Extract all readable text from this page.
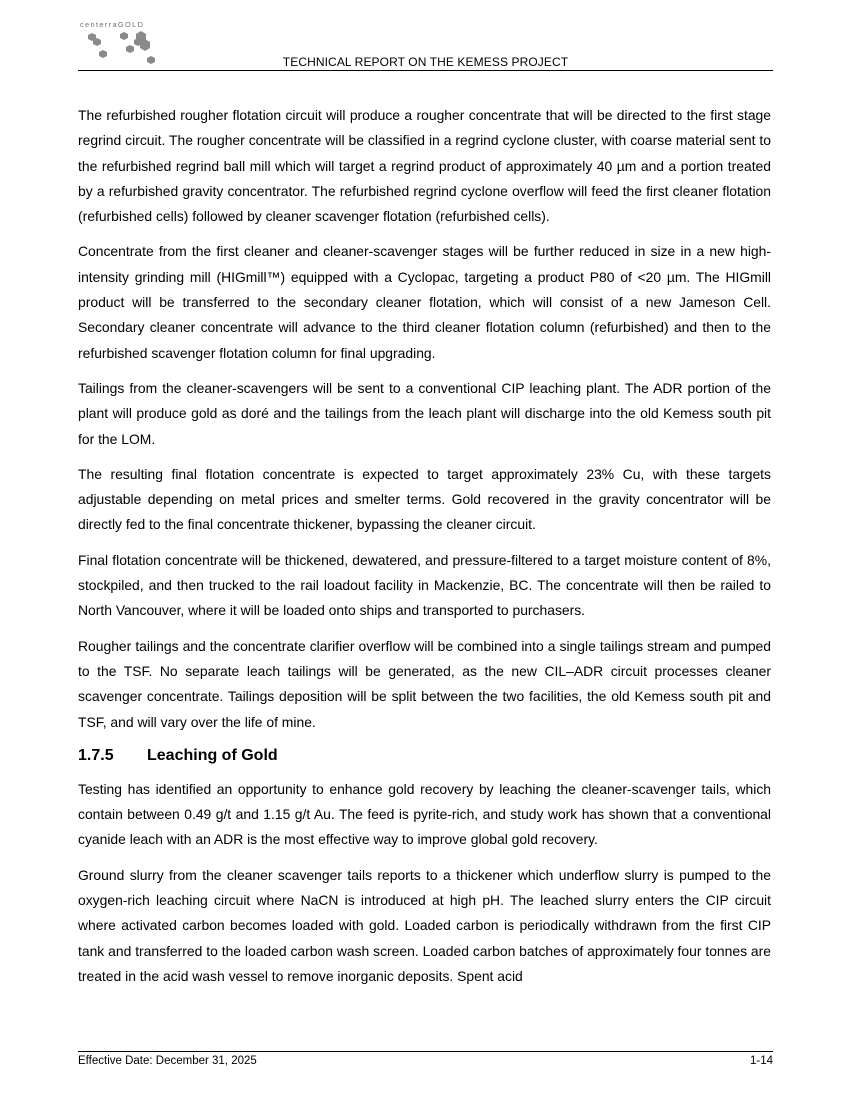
centerraGOLD
TECHNICAL REPORT ON THE KEMESS PROJECT

The refurbished rougher flotation circuit will produce a rougher concentrate that will be directed to the first stage regrind circuit. The rougher concentrate will be classified in a regrind cyclone cluster, with coarse material sent to the refurbished regrind ball mill which will target a regrind product of approximately 40 µm and a portion treated by a refurbished gravity concentrator. The refurbished regrind cyclone overflow will feed the first cleaner flotation (refurbished cells) followed by cleaner scavenger flotation (refurbished cells).

Concentrate from the first cleaner and cleaner-scavenger stages will be further reduced in size in a new high-intensity grinding mill (HIGmill™) equipped with a Cyclopac, targeting a product P80 of <20 µm. The HIGmill product will be transferred to the secondary cleaner flotation, which will consist of a new Jameson Cell. Secondary cleaner concentrate will advance to the third cleaner flotation column (refurbished) and then to the refurbished scavenger flotation column for final upgrading.

Tailings from the cleaner-scavengers will be sent to a conventional CIP leaching plant. The ADR portion of the plant will produce gold as doré and the tailings from the leach plant will discharge into the old Kemess south pit for the LOM.

The resulting final flotation concentrate is expected to target approximately 23% Cu, with these targets adjustable depending on metal prices and smelter terms. Gold recovered in the gravity concentrator will be directly fed to the final concentrate thickener, bypassing the cleaner circuit.

Final flotation concentrate will be thickened, dewatered, and pressure-filtered to a target moisture content of 8%, stockpiled, and then trucked to the rail loadout facility in Mackenzie, BC. The concentrate will then be railed to North Vancouver, where it will be loaded onto ships and transported to purchasers.

Rougher tailings and the concentrate clarifier overflow will be combined into a single tailings stream and pumped to the TSF. No separate leach tailings will be generated, as the new CIL–ADR circuit processes cleaner scavenger concentrate. Tailings deposition will be split between the two facilities, the old Kemess south pit and TSF, and will vary over the life of mine.

1.7.5 Leaching of Gold

Testing has identified an opportunity to enhance gold recovery by leaching the cleaner-scavenger tails, which contain between 0.49 g/t and 1.15 g/t Au. The feed is pyrite-rich, and study work has shown that a conventional cyanide leach with an ADR is the most effective way to improve global gold recovery.

Ground slurry from the cleaner scavenger tails reports to a thickener which underflow slurry is pumped to the oxygen-rich leaching circuit where NaCN is introduced at high pH. The leached slurry enters the CIP circuit where activated carbon becomes loaded with gold. Loaded carbon is periodically withdrawn from the first CIP tank and transferred to the loaded carbon wash screen. Loaded carbon batches of approximately four tonnes are treated in the acid wash vessel to remove inorganic deposits. Spent acid

Effective Date: December 31, 2025	1-14
